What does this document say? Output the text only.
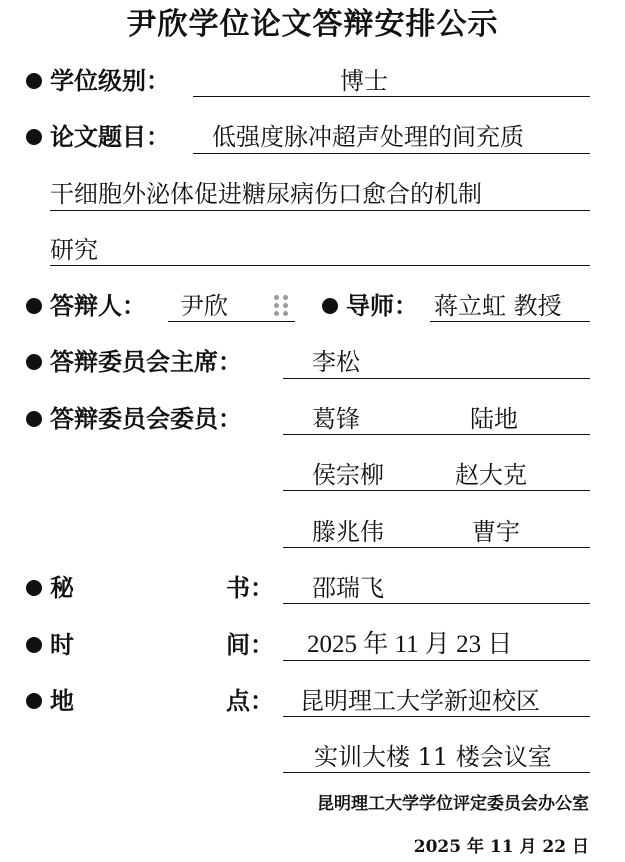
尹欣学位论文答辩安排公示
学位级别：	博士
论文题目： 低强度脉冲超声处理的间充质
干细胞外泌体促进糖尿病伤口愈合的机制
研究
答辩人： 尹欣	导师： 蒋立虹 教授
答辩委员会主席：	李松
答辩委员会委员：	葛锋	陆地
侯宗柳	赵大克
滕兆伟	曹宇
秘	书： 邵瑞飞
时	间： 2025 年 11 月 23 日
地	点： 昆明理工大学新迎校区
实训大楼 11 楼会议室
昆明理工大学学位评定委员会办公室
2025 年 11 月 22 日
